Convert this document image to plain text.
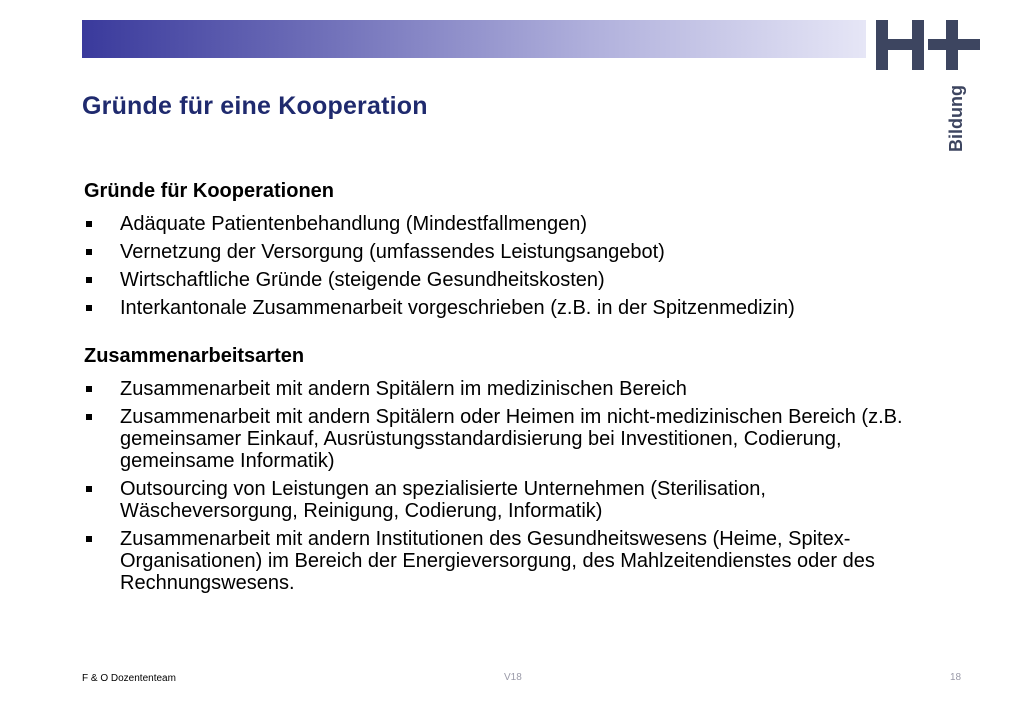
Bildung
Gründe für eine Kooperation

Gründe für Kooperationen

Adäquate Patientenbehandlung (Mindestfallmengen)
Vernetzung der Versorgung (umfassendes Leistungsangebot)
Wirtschaftliche Gründe (steigende Gesundheitskosten)
Interkantonale Zusammenarbeit vorgeschrieben (z.B. in der Spitzenmedizin)

Zusammenarbeitsarten

Zusammenarbeit mit andern Spitälern im medizinischen Bereich
Zusammenarbeit mit andern Spitälern oder Heimen im nicht-medizinischen Bereich (z.B. gemeinsamer Einkauf, Ausrüstungsstandardisierung bei Investitionen, Codierung, gemeinsame Informatik)
Outsourcing von Leistungen an spezialisierte Unternehmen (Sterilisation, Wäscheversorgung, Reinigung, Codierung, Informatik)
Zusammenarbeit mit andern Institutionen des Gesundheitswesens (Heime, Spitex-Organisationen) im Bereich der Energieversorgung, des Mahlzeitendienstes oder des Rechnungswesens.
F & O Dozententeam	V18	18
